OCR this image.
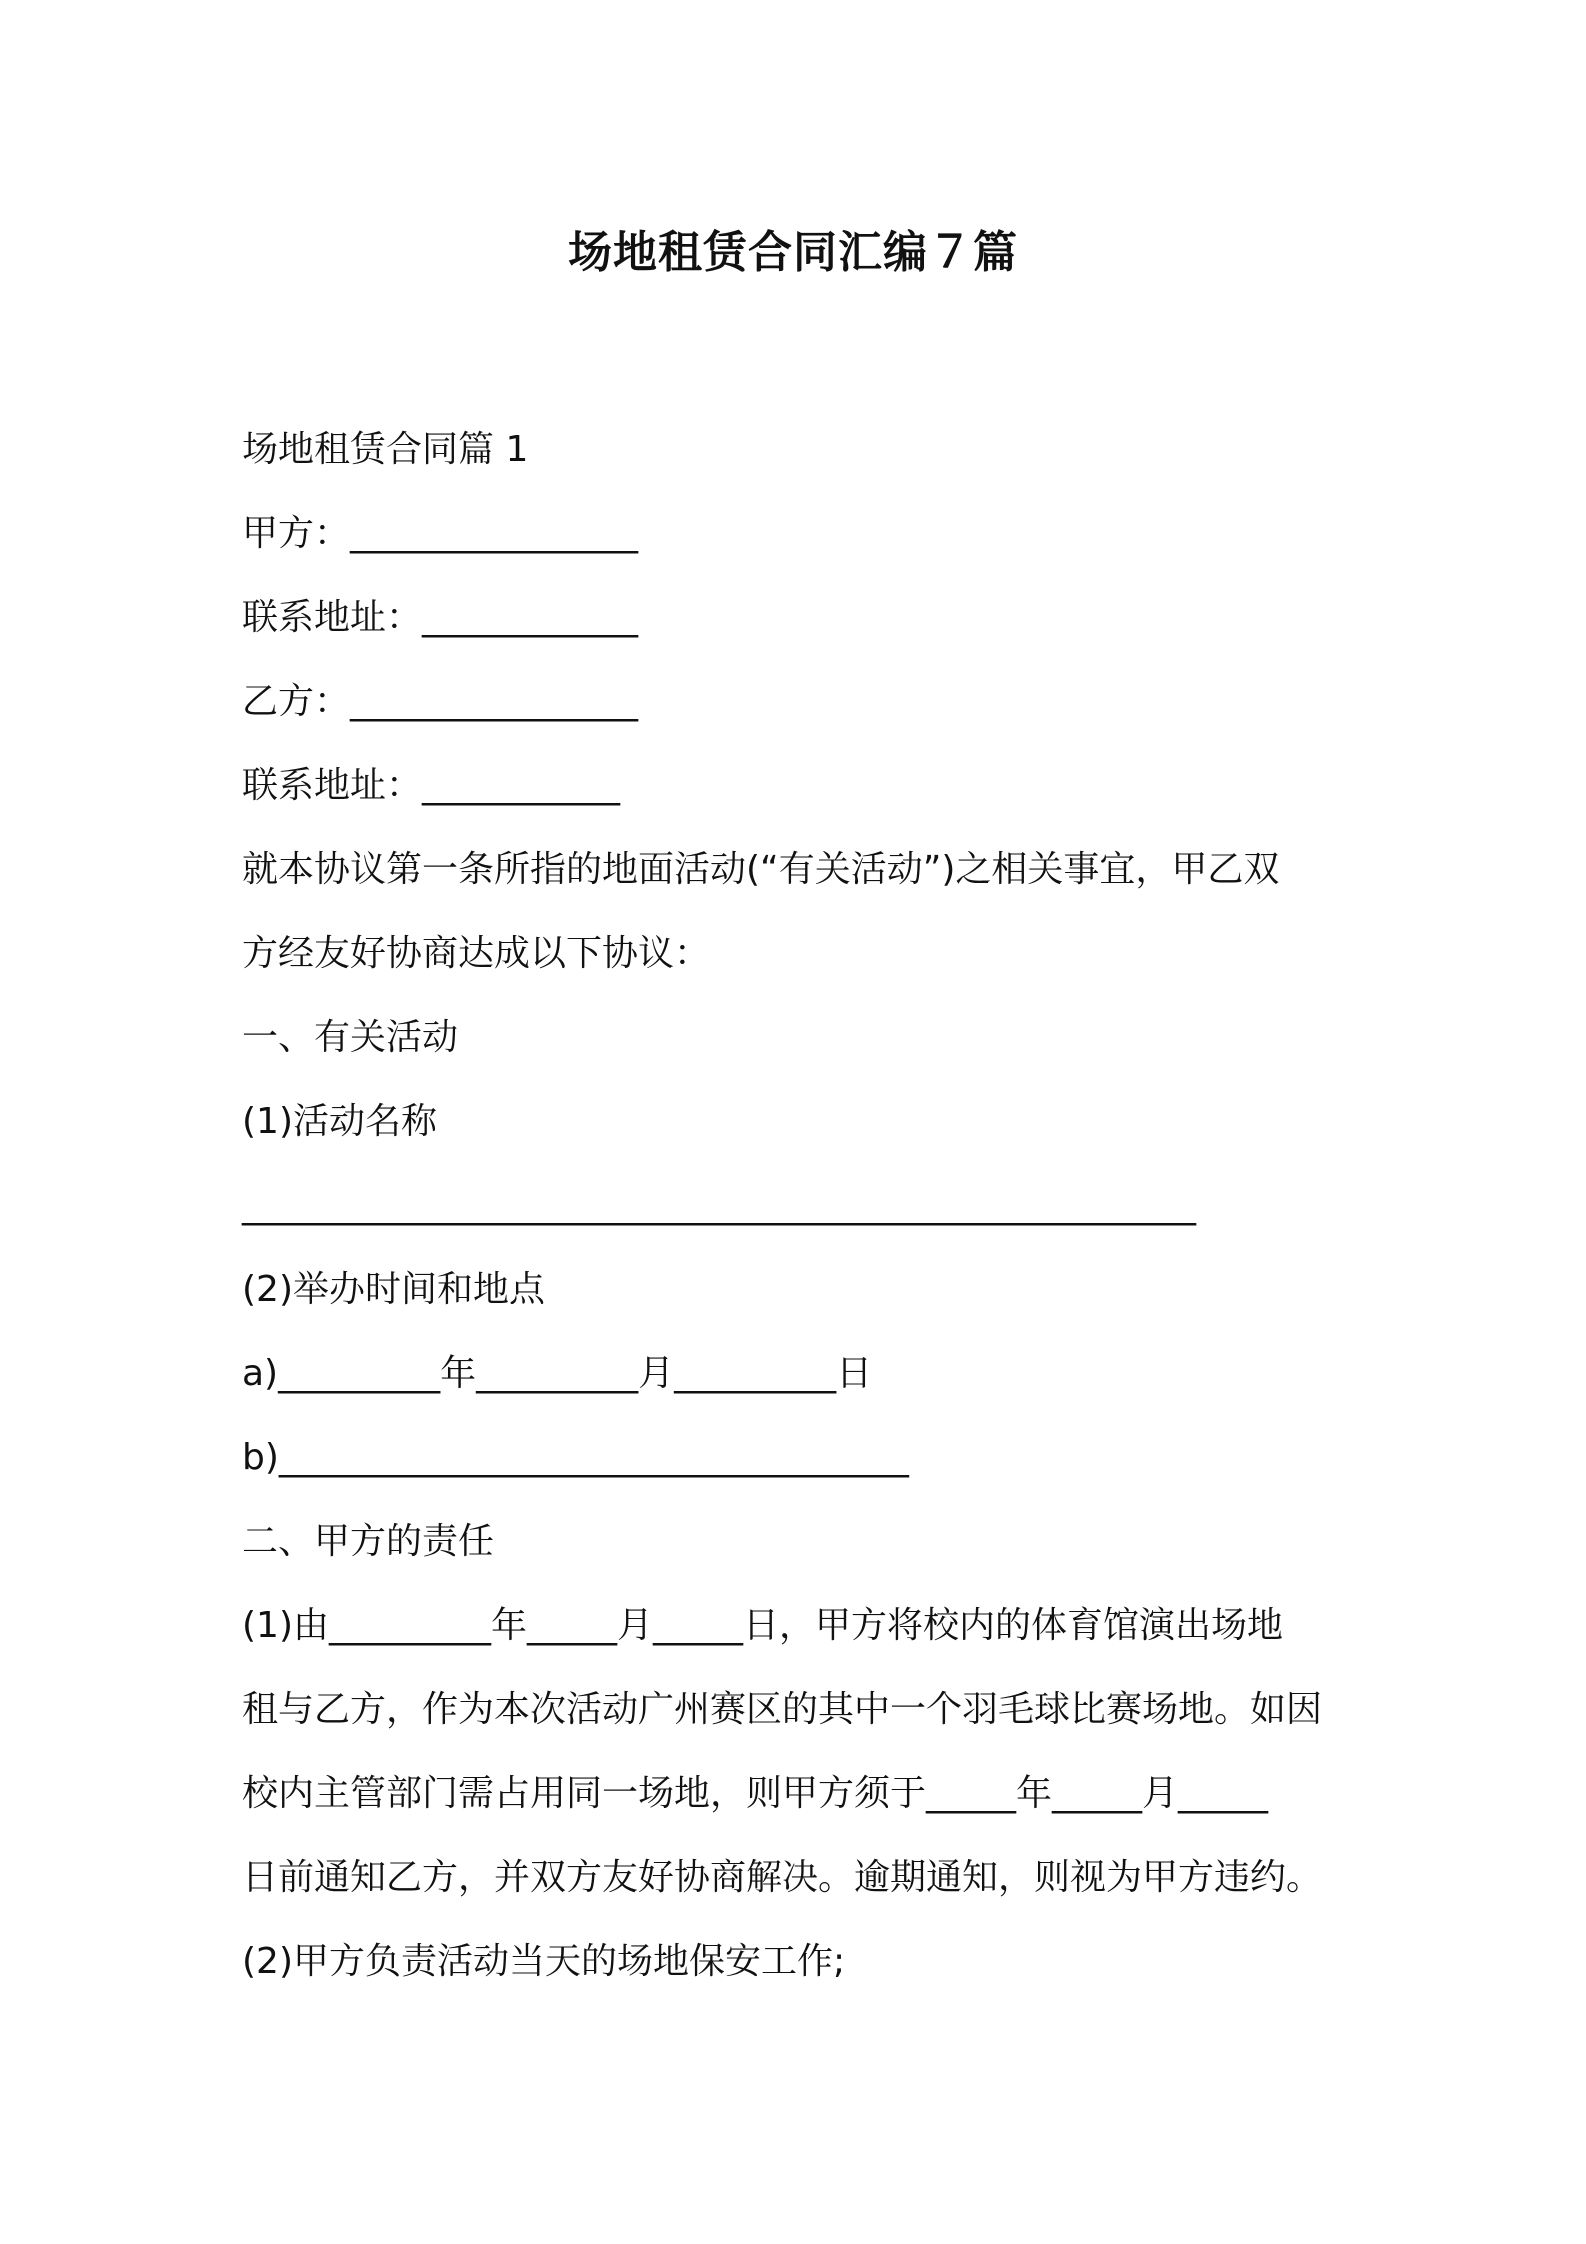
场地租赁合同汇编７篇
场地租赁合同篇 1
甲方：________________
联系地址：____________
乙方：________________
联系地址：___________
就本协议第一条所指的地面活动(“有关活动”)之相关事宜，甲乙双
方经友好协商达成以下协议：
一、有关活动
(1)活动名称
_____________________________________________________
(2)举办时间和地点
a)_________年_________月_________日
b)___________________________________
二、甲方的责任
(1)由_________年_____月_____日，甲方将校内的体育馆演出场地
租与乙方，作为本次活动广州赛区的其中一个羽毛球比赛场地。如因
校内主管部门需占用同一场地，则甲方须于_____年_____月_____
日前通知乙方，并双方友好协商解决。逾期通知，则视为甲方违约。
(2)甲方负责活动当天的场地保安工作;
